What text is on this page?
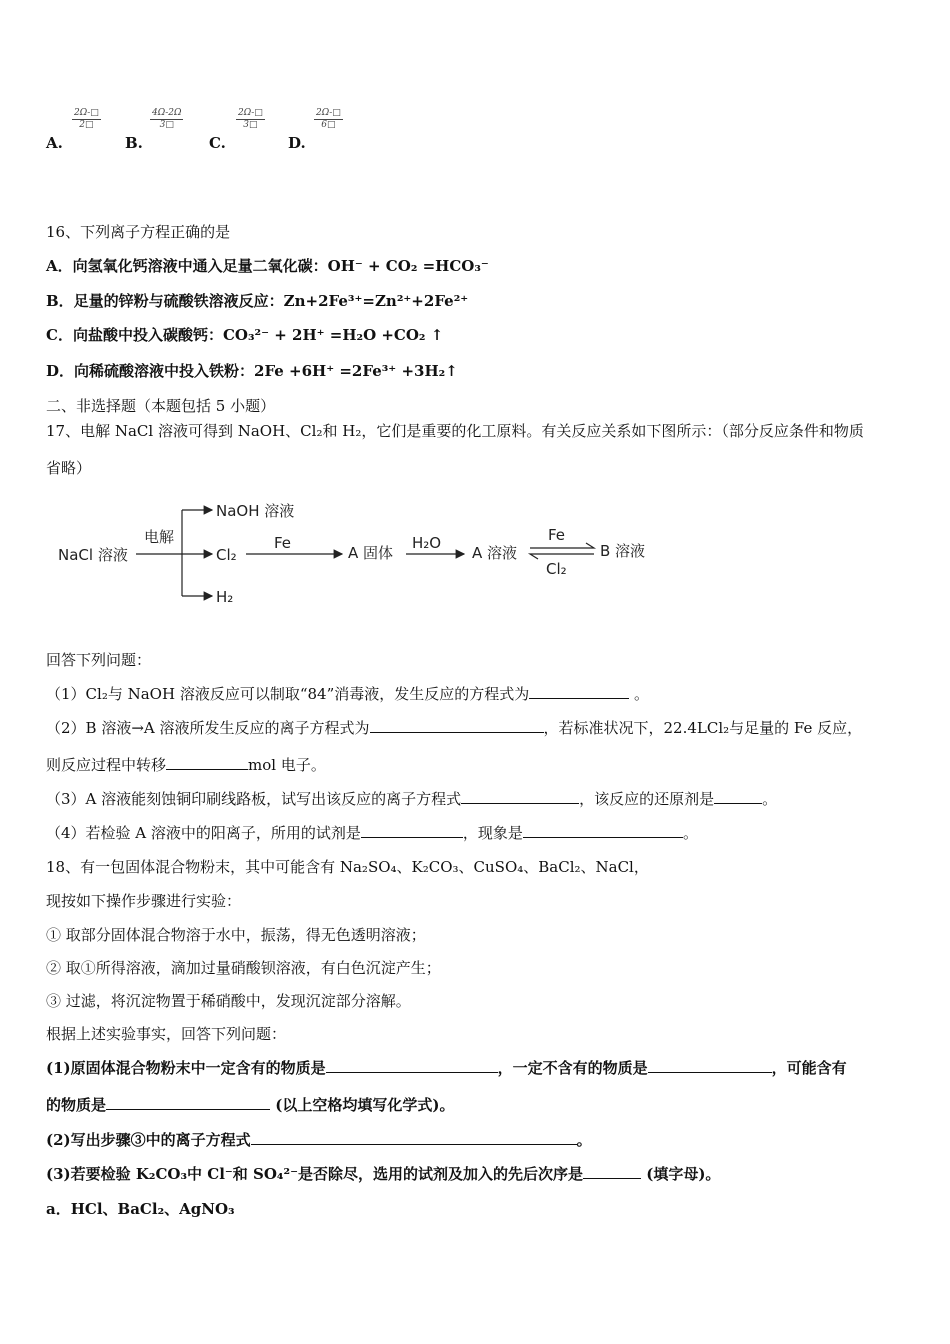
A.
$\frac{2\Omega-□}{2□}$
B.
$\frac{4\Omega-2\Omega}{3□}$
C.
$\frac{2\Omega-□}{3□}$
D.
$\frac{2\Omega-□}{6□}$
16、下列离子方程正确的是
A．向氢氧化钙溶液中通入足量二氧化碳：OH⁻ + CO₂ =HCO₃⁻
B．足量的锌粉与硫酸铁溶液反应：Zn+2Fe³⁺=Zn²⁺+2Fe²⁺
C．向盐酸中投入碳酸钙：CO₃²⁻ + 2H⁺ =H₂O +CO₂ ↑
D．向稀硫酸溶液中投入铁粉：2Fe +6H⁺ =2Fe³⁺ +3H₂↑
二、非选择题（本题包括 5 小题）
17、电解 NaCl 溶液可得到 NaOH、Cl₂和 H₂，它们是重要的化工原料。有关反应关系如下图所示：（部分反应条件和物质
省略）
NaCl 溶液
电解
NaOH 溶液
Cl₂
H₂
Fe
A 固体
H₂O
A 溶液
Fe
Cl₂
B 溶液
回答下列问题：
（1）Cl₂与 NaOH 溶液反应可以制取“84”消毒液，发生反应的方程式为	。
（2）B 溶液→A 溶液所发生反应的离子方程式为	，若标准状况下，22.4LCl₂与足量的 Fe 反应，
则反应过程中转移	mol 电子。
（3）A 溶液能刻蚀铜印刷线路板，试写出该反应的离子方程式	，该反应的还原剂是	。
（4）若检验 A 溶液中的阳离子，所用的试剂是	，现象是	。
18、有一包固体混合物粉末，其中可能含有 Na₂SO₄、K₂CO₃、CuSO₄、BaCl₂、NaCl，
现按如下操作步骤进行实验：
① 取部分固体混合物溶于水中，振荡，得无色透明溶液；
② 取①所得溶液，滴加过量硝酸钡溶液，有白色沉淀产生；
③ 过滤，将沉淀物置于稀硝酸中，发现沉淀部分溶解。
根据上述实验事实，回答下列问题：
(1)原固体混合物粉末中一定含有的物质是	，一定不含有的物质是	，可能含有
的物质是	(以上空格均填写化学式)。
(2)写出步骤③中的离子方程式	。
(3)若要检验 K₂CO₃中 Cl⁻和 SO₄²⁻是否除尽，选用的试剂及加入的先后次序是	(填字母)。
a．HCl、BaCl₂、AgNO₃
